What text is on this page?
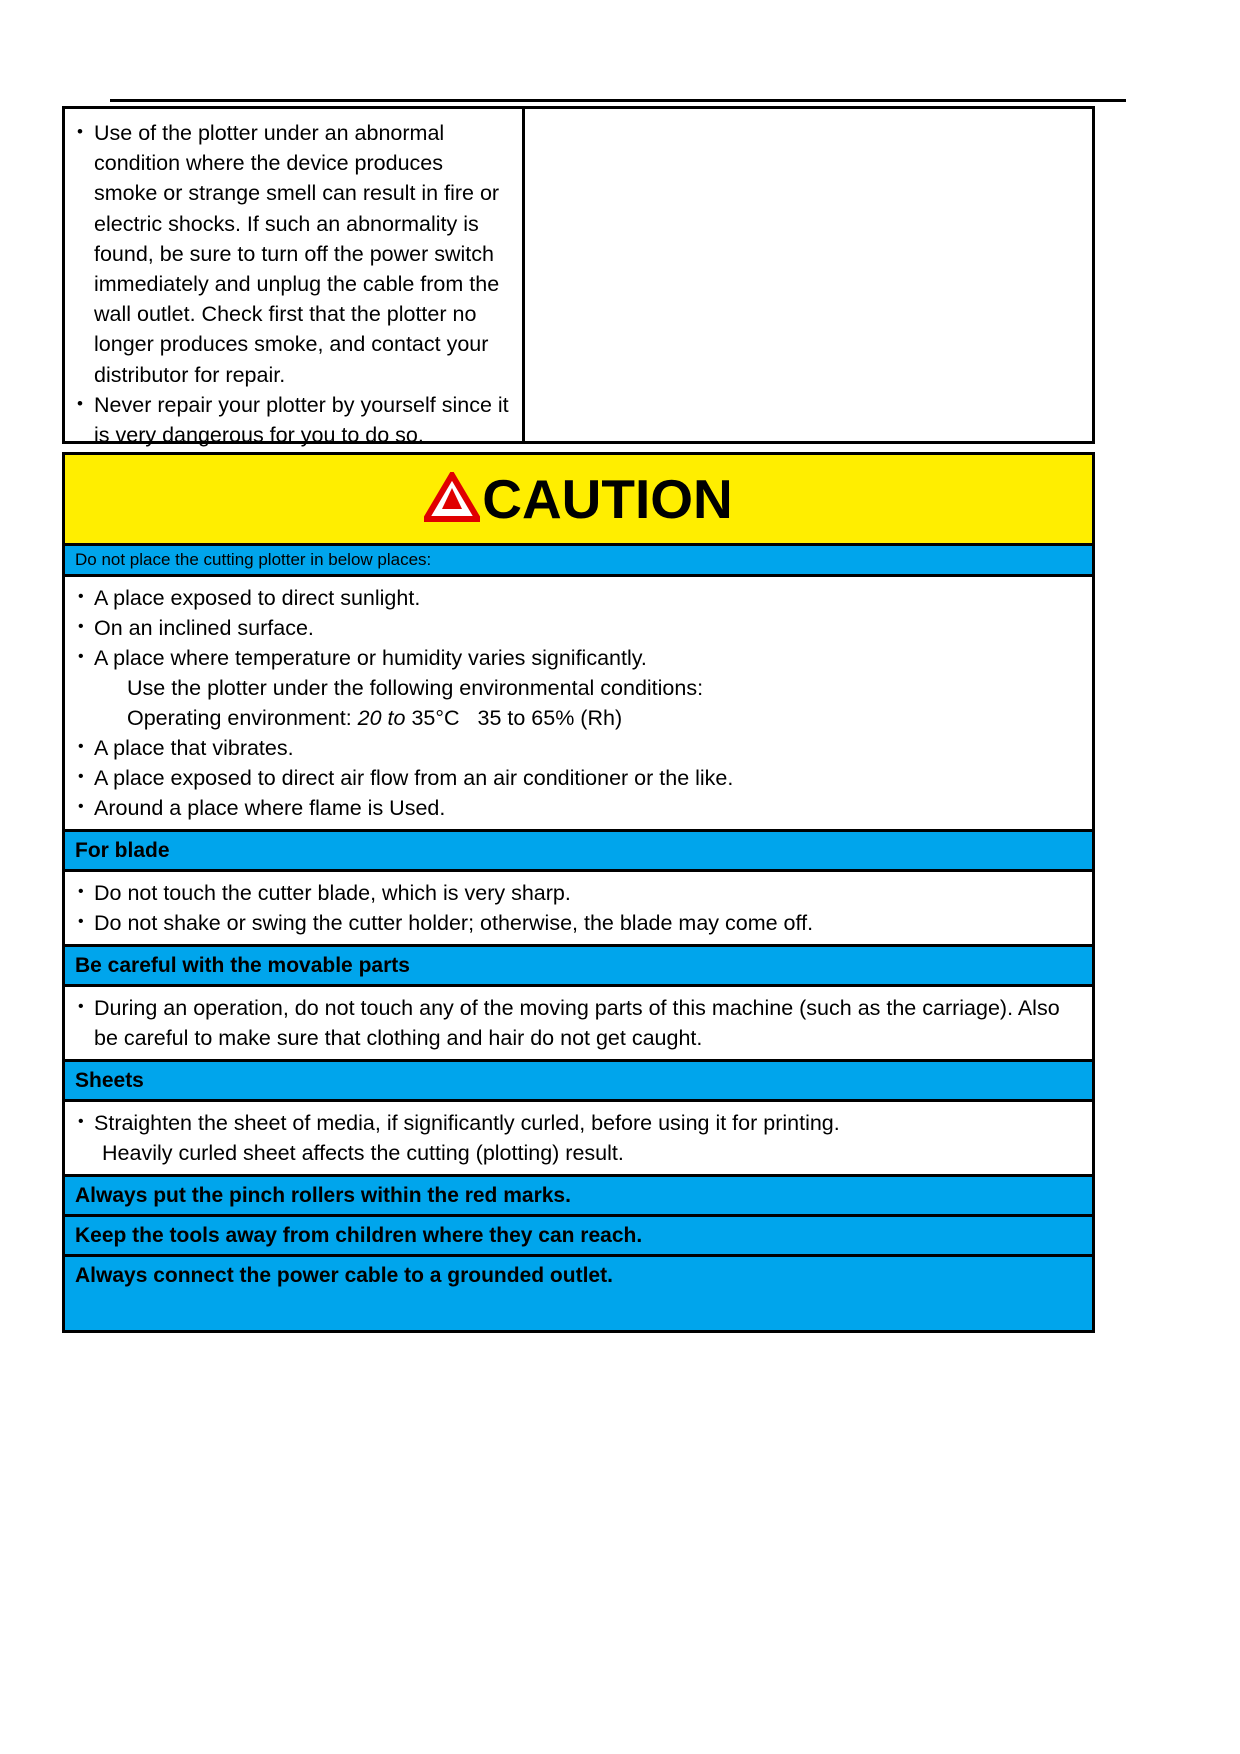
• Use of the plotter under an abnormal condition where the device produces smoke or strange smell can result in fire or electric shocks. If such an abnormality is found, be sure to turn off the power switch immediately and unplug the cable from the wall outlet. Check first that the plotter no longer produces smoke, and contact your distributor for repair.
• Never repair your plotter by yourself since it is very dangerous for you to do so.
CAUTION
Do not place the cutting plotter in below places:
• A place exposed to direct sunlight.
• On an inclined surface.
• A place where temperature or humidity varies significantly.
Use the plotter under the following environmental conditions:
Operating environment: 20 to 35°C 35 to 65% (Rh)
• A place that vibrates.
• A place exposed to direct air flow from an air conditioner or the like.
• Around a place where flame is Used.
For blade
• Do not touch the cutter blade, which is very sharp.
• Do not shake or swing the cutter holder; otherwise, the blade may come off.
Be careful with the movable parts
• During an operation, do not touch any of the moving parts of this machine (such as the carriage). Also be careful to make sure that clothing and hair do not get caught.
Sheets
• Straighten the sheet of media, if significantly curled, before using it for printing.
Heavily curled sheet affects the cutting (plotting) result.
Always put the pinch rollers within the red marks.
Keep the tools away from children where they can reach.
Always connect the power cable to a grounded outlet.
